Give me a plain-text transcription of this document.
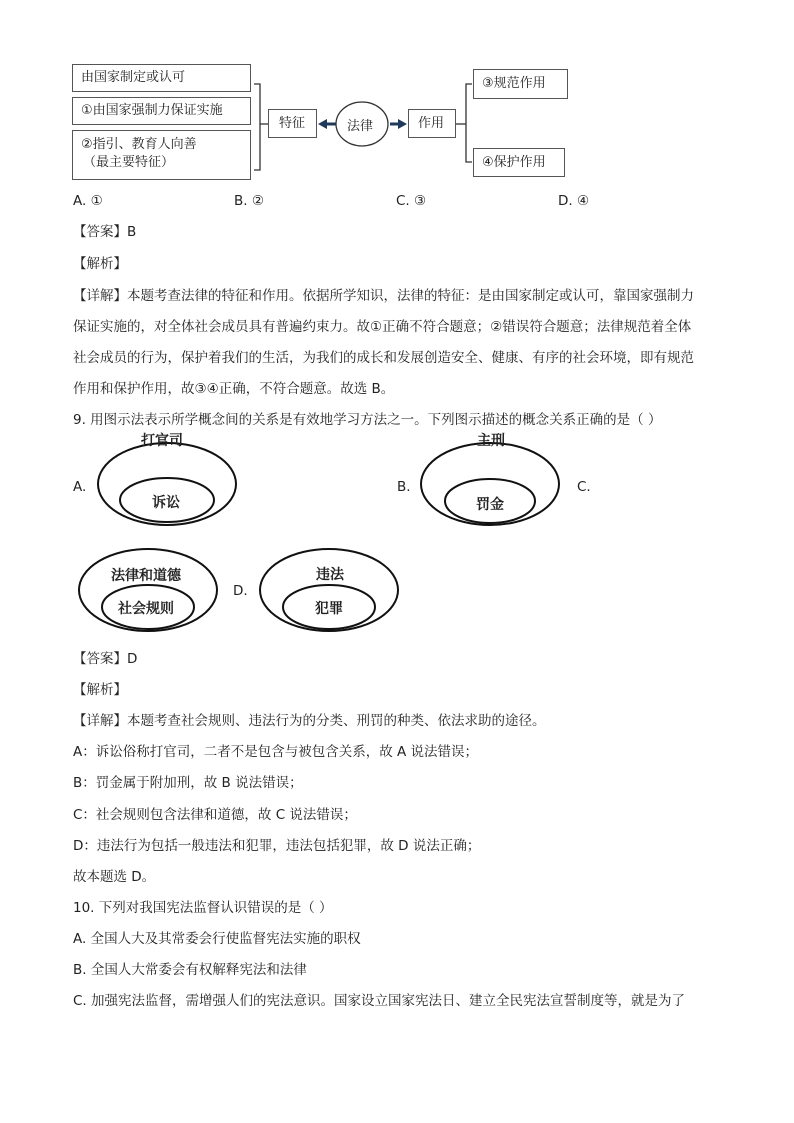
由国家制定或认可
①由国家强制力保证实施
②指引、教育人向善
（最主要特征）
特征	法律	作用
③规范作用
④保护作用
A. ①	B. ②	C. ③	D. ④
【答案】B
【解析】
【详解】本题考查法律的特征和作用。依据所学知识，法律的特征：是由国家制定或认可，靠国家强制力
保证实施的，对全体社会成员具有普遍约束力。故①正确不符合题意；②错误符合题意；法律规范着全体
社会成员的行为，保护着我们的生活，为我们的成长和发展创造安全、健康、有序的社会环境，即有规范
作用和保护作用，故③④正确，不符合题意。故选 B。
9. 用图示法表示所学概念间的关系是有效地学习方法之一。下列图示描述的概念关系正确的是（ ）
A.	B.	C.
D.
打官司
诉讼
主刑
罚金
法律和道德
社会规则
违法
犯罪
【答案】D
【解析】
【详解】本题考查社会规则、违法行为的分类、刑罚的种类、依法求助的途径。
A：诉讼俗称打官司，二者不是包含与被包含关系，故 A 说法错误；
B：罚金属于附加刑，故 B 说法错误；
C：社会规则包含法律和道德，故 C 说法错误；
D：违法行为包括一般违法和犯罪，违法包括犯罪，故 D 说法正确；
故本题选 D。
10. 下列对我国宪法监督认识错误的是（ ）
A. 全国人大及其常委会行使监督宪法实施的职权
B. 全国人大常委会有权解释宪法和法律
C. 加强宪法监督，需增强人们的宪法意识。国家设立国家宪法日、建立全民宪法宣誓制度等，就是为了
